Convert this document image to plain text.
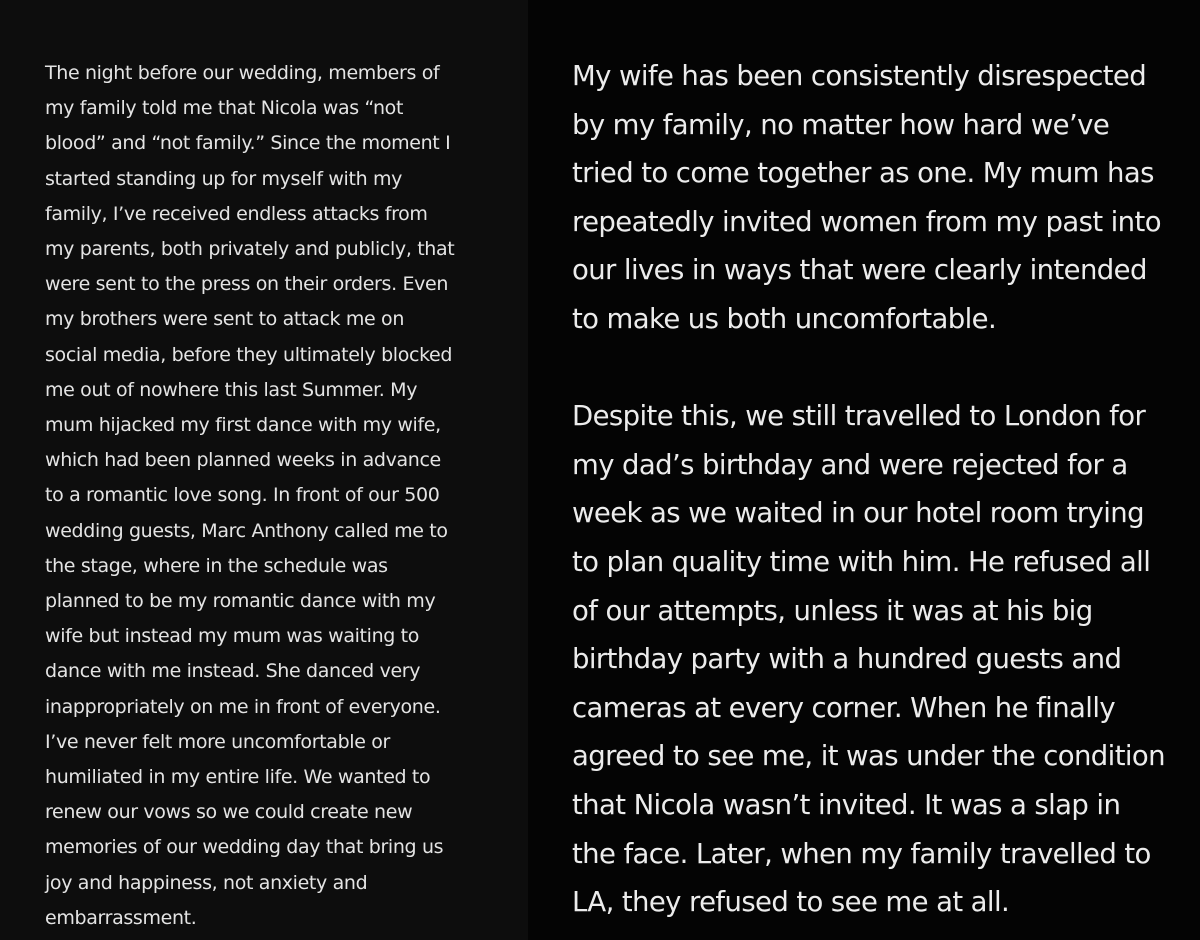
The night before our wedding, members of
my family told me that Nicola was “not
blood” and “not family.” Since the moment I
started standing up for myself with my
family, I’ve received endless attacks from
my parents, both privately and publicly, that
were sent to the press on their orders. Even
my brothers were sent to attack me on
social media, before they ultimately blocked
me out of nowhere this last Summer. My
mum hijacked my first dance with my wife,
which had been planned weeks in advance
to a romantic love song. In front of our 500
wedding guests, Marc Anthony called me to
the stage, where in the schedule was
planned to be my romantic dance with my
wife but instead my mum was waiting to
dance with me instead. She danced very
inappropriately on me in front of everyone.
I’ve never felt more uncomfortable or
humiliated in my entire life. We wanted to
renew our vows so we could create new
memories of our wedding day that bring us
joy and happiness, not anxiety and
embarrassment.
My wife has been consistently disrespected
by my family, no matter how hard we’ve
tried to come together as one. My mum has
repeatedly invited women from my past into
our lives in ways that were clearly intended
to make us both uncomfortable.
Despite this, we still travelled to London for
my dad’s birthday and were rejected for a
week as we waited in our hotel room trying
to plan quality time with him. He refused all
of our attempts, unless it was at his big
birthday party with a hundred guests and
cameras at every corner. When he finally
agreed to see me, it was under the condition
that Nicola wasn’t invited. It was a slap in
the face. Later, when my family travelled to
LA, they refused to see me at all.
